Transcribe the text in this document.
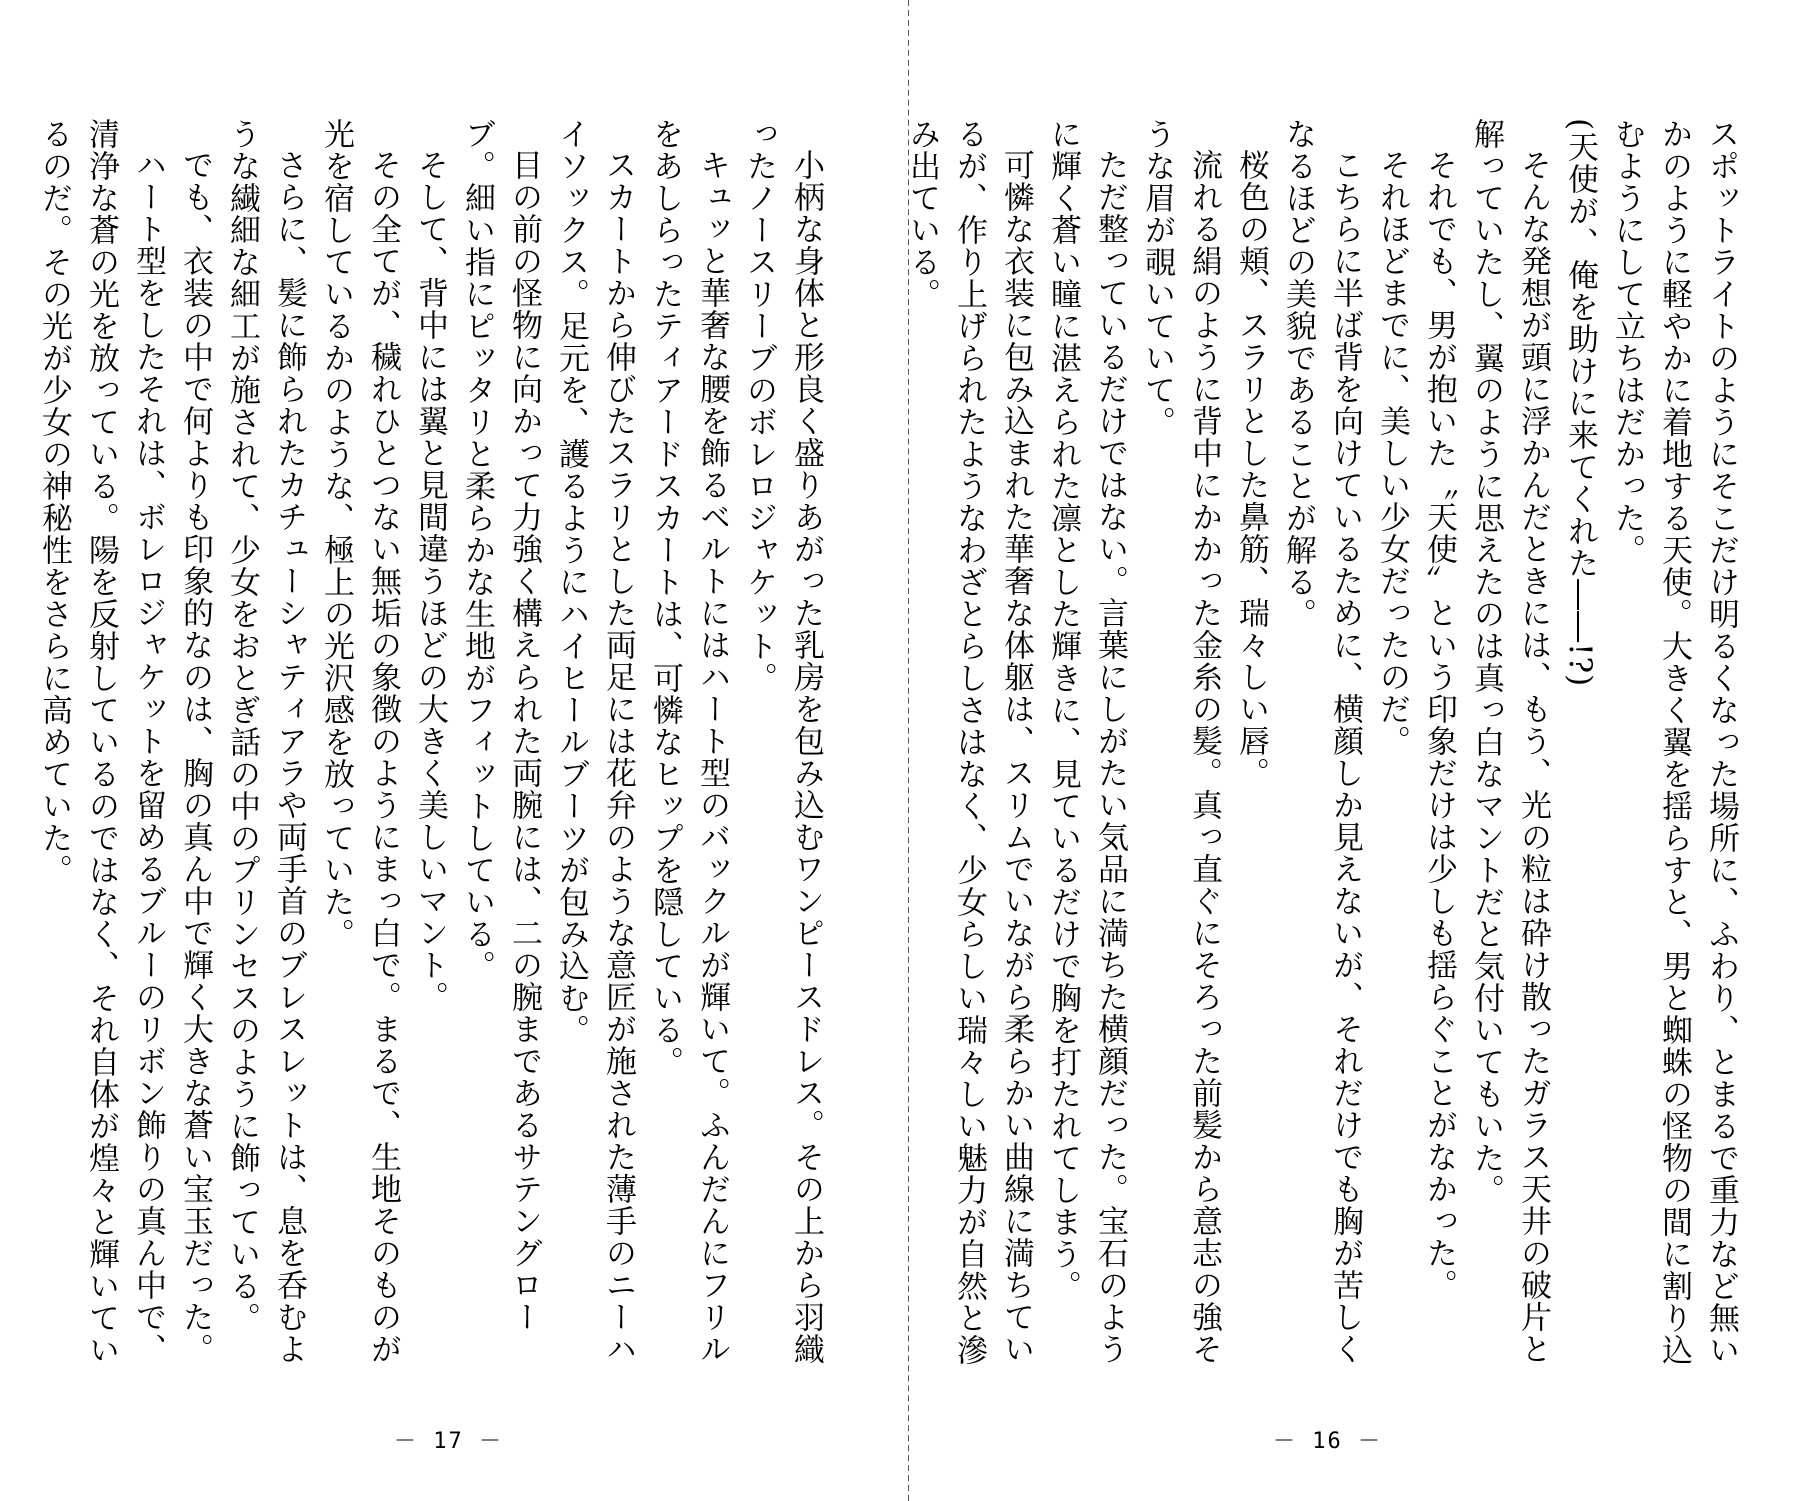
小柄な身体と形良く盛りあがった乳房を包み込むワンピースドレス。その上から羽織ったノースリーブのボレロジャケット。

キュッと華奢な腰を飾るベルトにはハート型のバックルが輝いて。ふんだんにフリルをあしらったティアードスカートは、可憐なヒップを隠している。

スカートから伸びたスラリとした両足には花弁のような意匠が施された薄手のニーハイソックス。足元を、護るようにハイヒールブーツが包み込む。

目の前の怪物に向かって力強く構えられた両腕には、二の腕まであるサテングローブ。細い指にピッタリと柔らかな生地がフィットしている。

そして、背中には翼と見間違うほどの大きく美しいマント。

その全てが、穢れひとつない無垢の象徴のようにまっ白で。まるで、生地そのものが光を宿しているかのような、極上の光沢感を放っていた。

さらに、髪に飾られたカチューシャティアラや両手首のブレスレットは、息を呑むような繊細な細工が施されて、少女をおとぎ話の中のプリンセスのように飾っている。

でも、衣装の中で何よりも印象的なのは、胸の真ん中で輝く大きな蒼い宝玉だった。

ハート型をしたそれは、ボレロジャケットを留めるブルーのリボン飾りの真ん中で、清浄な蒼の光を放っている。陽を反射しているのではなく、それ自体が煌々と輝いているのだ。その光が少女の神秘性をさらに高めていた。

－ 17 －

スポットライトのようにそこだけ明るくなった場所に、ふわり、とまるで重力など無いかのように軽やかに着地する天使。大きく翼を揺らすと、男と蜘蛛の怪物の間に割り込むようにして立ちはだかった。

(天使が、俺を助けに来てくれた――!?)

そんな発想が頭に浮かんだときには、もう、光の粒は砕け散ったガラス天井の破片と解っていたし、翼のように思えたのは真っ白なマントだと気付いてもいた。

それでも、男が抱いた〝天使〟という印象だけは少しも揺らぐことがなかった。

それほどまでに、美しい少女だったのだ。

こちらに半ば背を向けているために、横顔しか見えないが、それだけでも胸が苦しくなるほどの美貌であることが解る。

桜色の頬、スラリとした鼻筋、瑞々しい唇。

流れる絹のように背中にかかった金糸の髪。真っ直ぐにそろった前髪から意志の強そうな眉が覗いていて。

ただ整っているだけではない。言葉にしがたい気品に満ちた横顔だった。宝石のように輝く蒼い瞳に湛えられた凛とした輝きに、見ているだけで胸を打たれてしまう。

可憐な衣装に包み込まれた華奢な体躯は、スリムでいながら柔らかい曲線に満ちているが、作り上げられたようなわざとらしさはなく、少女らしい瑞々しい魅力が自然と滲み出ている。

－ 16 －
